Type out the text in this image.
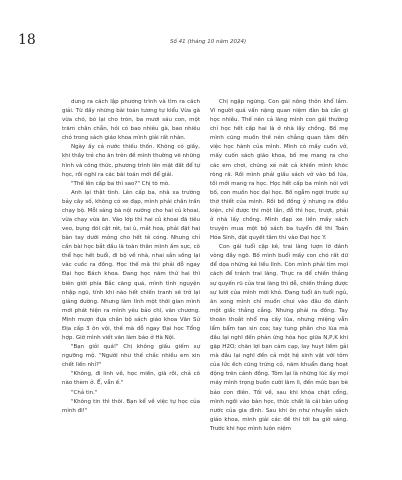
18	Số 41 (tháng 10 năm 2024)

dung ra cách lập phương trình và tìm ra cách giải. Từ đấy những bài toán tương tự kiểu Vừa gà vừa chó, bó lại cho tròn, ba mươi sáu con, một trăm chân chẵn, hỏi có bao nhiêu gà, bao nhiêu chó trong sách giáo khoa mình giải rất nhàn.

Ngày ấy cả nước thiếu thốn. Không có giấy, khi thầy trẻ cho ăn trên đề mình thường vẽ những hình và công thức, phương trình lên mặt đất để tự học, rồi nghĩ ra các bài toán mới để giải.

"Thế lên cấp ba thì sao?" Chị tò mò.

Anh lại thật tình. Lên cấp ba, nhà xa trường bảy cây số, không có xe đạp, mình phải chân trần chạy bộ. Mỗi sáng bà nội nướng cho hai củ khoai, vừa chạy vừa ăn. Vào lớp thì hai củ khoai đã tiêu veo, bụng đói cật rét, tai ù, mắt hoa, phải đặt hai bàn tay dưới mông cho hết tê cóng. Nhưng chỉ cần bài học bắt đầu là toàn thân mình ấm sực, cô thể học hết buổi, đi bộ về nhà, nhai sắn sống lại vác cuốc ra đồng. Học thế mà thi phải đỗ ngay Đại học Bách khoa. Đang học năm thứ hai thì biên giới phía Bắc căng quá, mình tình nguyện nhập ngũ, tính khi nào hết chiến tranh sẽ trở lại giảng đường. Nhưng làm lính một thời gian mình mới phát hiện ra mình yêu bảo chí, văn chương. Mình mượn đựa chân bộ sách giáo khoa Văn Sử Địa cấp 3 ôn vội, thế mà đỗ ngay Đại học Tổng hợp. Giờ mình viết văn làm báo ở Hà Nội.

"Bạn giỏi quá!" Chị không giấu giếm sự ngưỡng mộ. "Người như thế chắc nhiều em xin chết liền nhỉ?"

"Không, đi linh về, học miền, già rồi, chả cô nào thèm ở. Ế, vẫn ế."

"Chả tin."

"Không tin thì thôi. Bạn kể về việc tự học của mình đi!"

Chị ngập ngừng. Con gái nông thôn khổ lắm. Vì người quá vấn nặng quan niệm đàn bà cần gì học nhiều. Thế nên cả làng mình con gái thường chỉ học hết cấp hai là ở nhà lấy chồng. Bố mẹ mình cũng muốn thế nên chẳng quan tâm đến việc học hành của mình. Mình có mấy cuốn vở, mấy cuốn sách giáo khoa, bố mẹ mang ra cho các em chơi, chúng xé nát cả khiến mình khóc ròng rã. Rồi mình phải giấu sách vở vào bồ lúa, tối mới mang ra học. Học hết cấp ba mình nói với bố, con muốn học đại học. Bố ngẫm ngợi trước sự thờ thiết của mình. Rồi bố đồng ý nhưng ra điều kiện, chỉ được thi một lần, đỗ thì học, trượt, phải ở nhà lấy chồng. Mình đạp xe liền mấy sách truyện mua một bộ sách ba tuyển đề thi Toán Hóa Sinh, đặt quyết tâm thi vào Đại học Y.

Con gái tuổi cập kê, trai làng lượn lờ đánh vòng đầy ngõ. Bố mình buổi mấy con chó rất dữ để dọa những kẻ liều lĩnh. Còn mình phải tìm mọi cách để tránh trai làng. Thực ra để chiến thắng sự quyến rũ của trai làng thì dễ, chiến thắng được sự lười của mình mới khó. Đang tuổi ăn tuổi ngủ, ăn xong mình chỉ muốn chui vào đâu đó đánh một giấc thẳng cẳng. Nhưng phải ra đồng. Tay thoăn thoắt nhổ mạ cấy lúa, nhưng miệng vẫn lẩm bẩm tan sin cos; tay tung phân cho lúa mà đầu lại nghĩ đến phản ứng hóa học giữa N,P,K khi gặp H2O; chăn lợi bạn cám cạp, lay huyt liềm gải mà đầu lại nghĩ đến cả một hệ sinh vật với tôm của lức ếch cũng trứng cỏ, năm khuẩn đang hoạt động trên cánh đồng. Tôm lại là những lúc ấy mọi máy mình trọng buồn cười làm lì, đến mức bạn bè bảo con điên. Tối về, sau khi khóa chặt cổng, mình ngồi vào bàn học, thức chất là cái bàn uống nước của gia đình. Sau khi ôn như nhuyễn sách giáo khoa, mình giải các đề thi tới ba giờ sáng. Trước khi học mình luôn niệm
